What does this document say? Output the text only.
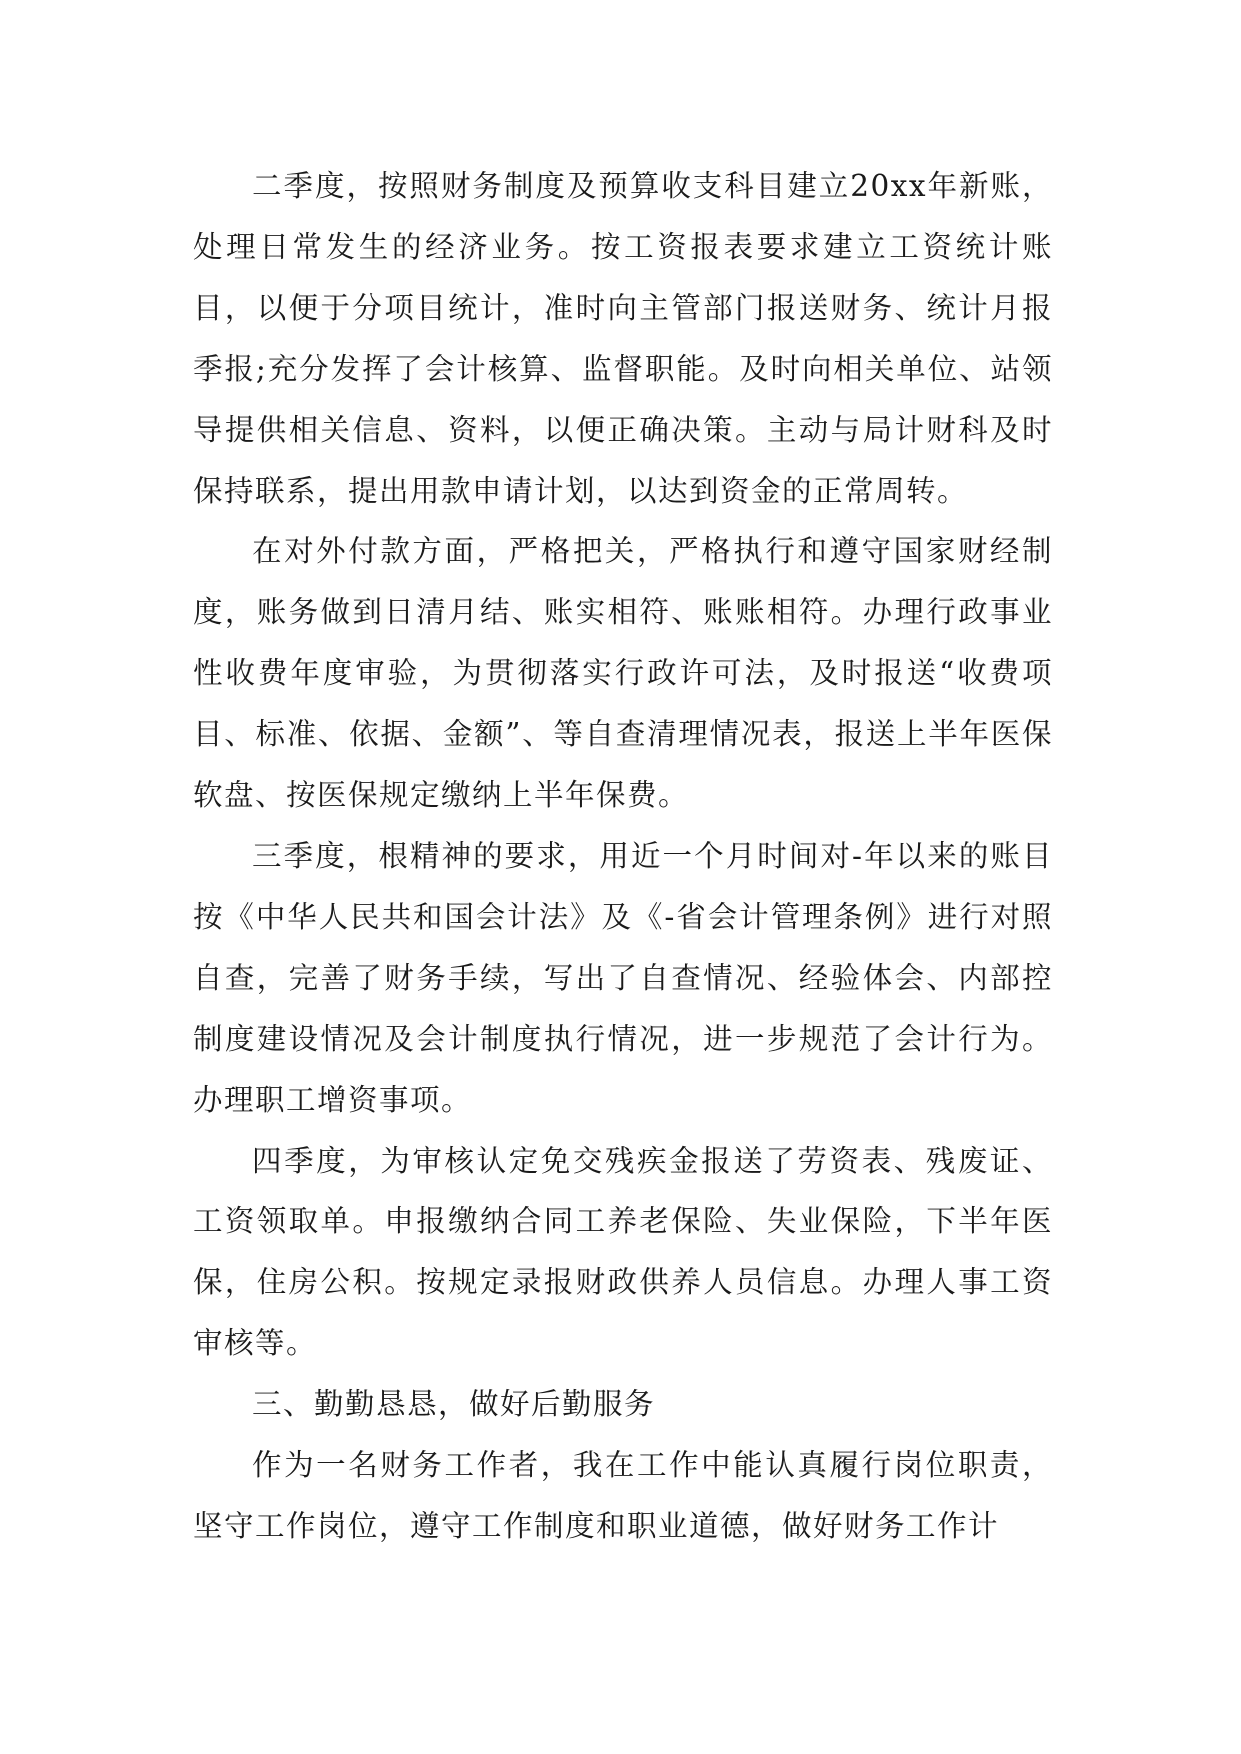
二季度，按照财务制度及预算收支科目建立20xx年新账，处理日常发生的经济业务。按工资报表要求建立工资统计账目，以便于分项目统计，准时向主管部门报送财务、统计月报季报;充分发挥了会计核算、监督职能。及时向相关单位、站领导提供相关信息、资料，以便正确决策。主动与局计财科及时保持联系，提出用款申请计划，以达到资金的正常周转。

在对外付款方面，严格把关，严格执行和遵守国家财经制度，账务做到日清月结、账实相符、账账相符。办理行政事业性收费年度审验，为贯彻落实行政许可法，及时报送“收费项目、标准、依据、金额”、等自查清理情况表，报送上半年医保软盘、按医保规定缴纳上半年保费。

三季度，根精神的要求，用近一个月时间对-年以来的账目按《中华人民共和国会计法》及《-省会计管理条例》进行对照自查，完善了财务手续，写出了自查情况、经验体会、内部控制度建设情况及会计制度执行情况，进一步规范了会计行为。办理职工增资事项。

四季度，为审核认定免交残疾金报送了劳资表、残废证、工资领取单。申报缴纳合同工养老保险、失业保险，下半年医保，住房公积。按规定录报财政供养人员信息。办理人事工资审核等。

三、勤勤恳恳，做好后勤服务

作为一名财务工作者，我在工作中能认真履行岗位职责，坚守工作岗位，遵守工作制度和职业道德，做好财务工作计
